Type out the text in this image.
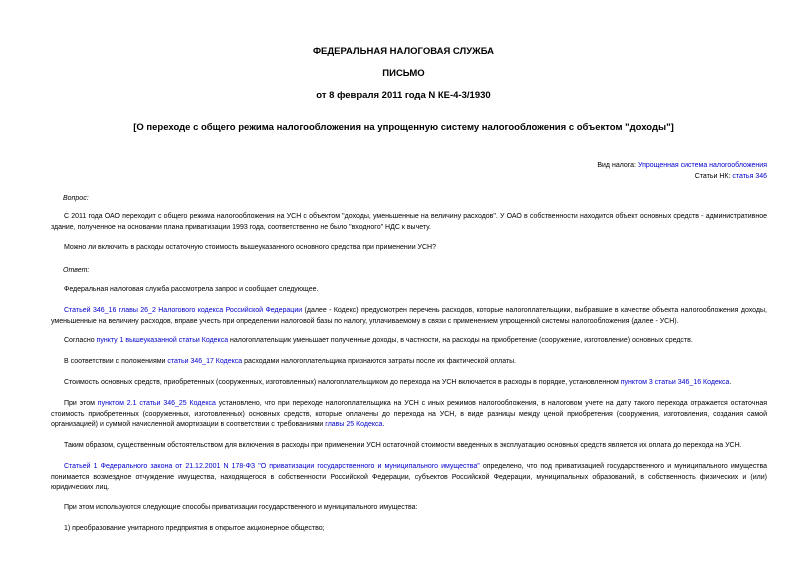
ФЕДЕРАЛЬНАЯ НАЛОГОВАЯ СЛУЖБА
ПИСЬМО
от 8 февраля 2011 года N КЕ-4-3/1930
[О переходе с общего режима налогообложения на упрощенную систему налогообложения с объектом "доходы"]
Вид налога: Упрощенная система налогообложения
Статьи НК: статья 346
Вопрос:
С 2011 года ОАО переходит с общего режима налогообложения на УСН с объектом "доходы, уменьшенные на величину расходов". У ОАО в собственности находится объект основных средств - административное здание, полученное на основании плана приватизации 1993 года, соответственно не было "входного" НДС к вычету.
Можно ли включить в расходы остаточную стоимость вышеуказанного основного средства при применении УСН?
Ответ:
Федеральная налоговая служба рассмотрела запрос и сообщает следующее.
Статьей 346_16 главы 26_2 Налогового кодекса Российской Федерации (далее - Кодекс) предусмотрен перечень расходов, которые налогоплательщики, выбравшие в качестве объекта налогообложения доходы, уменьшенные на величину расходов, вправе учесть при определении налоговой базы по налогу, уплачиваемому в связи с применением упрощенной системы налогообложения (далее - УСН).
Согласно пункту 1 вышеуказанной статьи Кодекса налогоплательщик уменьшает полученные доходы, в частности, на расходы на приобретение (сооружение, изготовление) основных средств.
В соответствии с положениями статьи 346_17 Кодекса расходами налогоплательщика признаются затраты после их фактической оплаты.
Стоимость основных средств, приобретенных (сооруженных, изготовленных) налогоплательщиком до перехода на УСН включается в расходы в порядке, установленном пунктом 3 статьи 346_16 Кодекса.
При этом пунктом 2.1 статьи 346_25 Кодекса установлено, что при переходе налогоплательщика на УСН с иных режимов налогообложения, в налоговом учете на дату такого перехода отражается остаточная стоимость приобретенных (сооруженных, изготовленных) основных средств, которые оплачены до перехода на УСН, в виде разницы между ценой приобретения (сооружения, изготовления, создания самой организацией) и суммой начисленной амортизации в соответствии с требованиями главы 25 Кодекса.
Таким образом, существенным обстоятельством для включения в расходы при применении УСН остаточной стоимости введенных в эксплуатацию основных средств является их оплата до перехода на УСН.
Статьей 1 Федерального закона от 21.12.2001 N 178-ФЗ "О приватизации государственного и муниципального имущества" определено, что под приватизацией государственного и муниципального имущества понимается возмездное отчуждение имущества, находящегося в собственности Российской Федерации, субъектов Российской Федерации, муниципальных образований, в собственность физических и (или) юридических лиц.
При этом используются следующие способы приватизации государственного и муниципального имущества:
1) преобразование унитарного предприятия в открытое акционерное общество;
